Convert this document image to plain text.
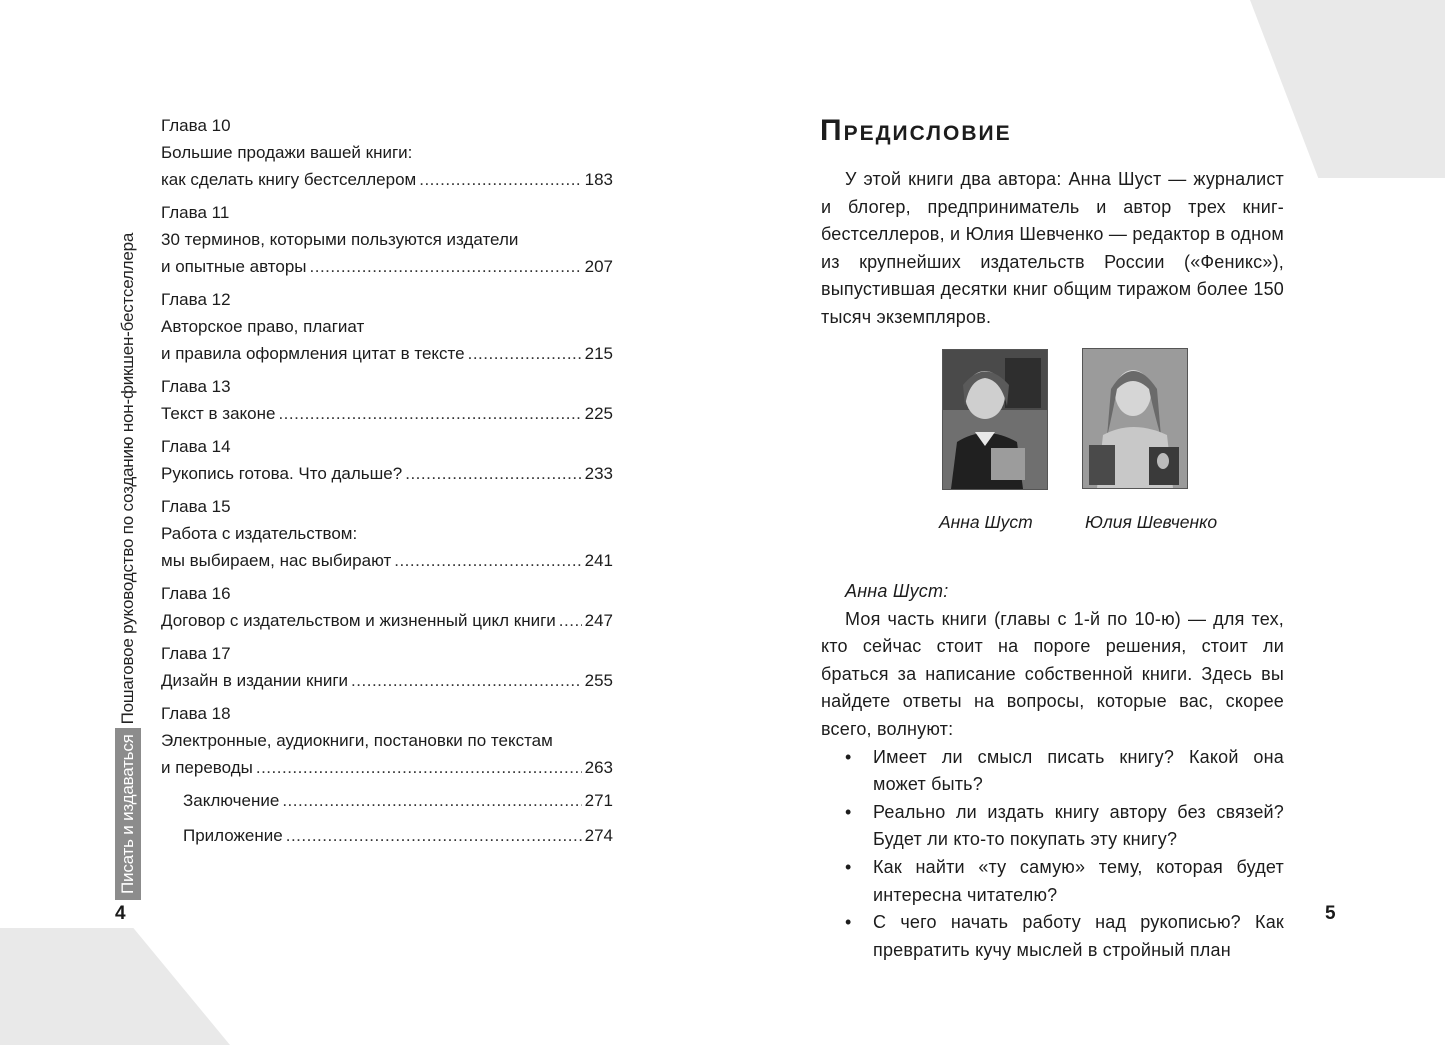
Писать и издаваться
Пошаговое руководство по созданию нон-фикшен-бестселлера
4	5
Глава 10
Большие продажи вашей книги:
как сделать книгу бестселлером .....	183
Глава 11
30 терминов, которыми пользуются издатели
и опытные авторы .....	207
Глава 12
Авторское право, плагиат
и правила оформления цитат в тексте .....	215
Глава 13
Текст в законе .....	225
Глава 14
Рукопись готова. Что дальше? .....	233
Глава 15
Работа с издательством:
мы выбираем, нас выбирают .....	241
Глава 16
Договор с издательством и жизненный цикл книги ..... 247
Глава 17
Дизайн в издании книги .....	255
Глава 18
Электронные, аудиокниги, постановки по текстам
и переводы .....	263
Заключение .....	271
Приложение .....	274
Предисловие

У этой книги два автора: Анна Шуст — журналист и блогер, предприниматель и автор трех книг-бестселлеров, и Юлия Шевченко — редактор в одном из крупнейших издательств России («Феникс»), выпустившая десятки книг общим тиражом более 150 тысяч экземпляров.

Анна Шуст	Юлия Шевченко

Анна Шуст:

Моя часть книги (главы с 1-й по 10-ю) — для тех, кто сейчас стоит на пороге решения, стоит ли браться за написание собственной книги. Здесь вы найдете ответы на вопросы, которые вас, скорее всего, волнуют:

• Имеет ли смысл писать книгу? Какой она может быть?
• Реально ли издать книгу автору без связей? Будет ли кто-то покупать эту книгу?
• Как найти «ту самую» тему, которая будет интересна читателю?
• С чего начать работу над рукописью? Как превратить кучу мыслей в стройный план
